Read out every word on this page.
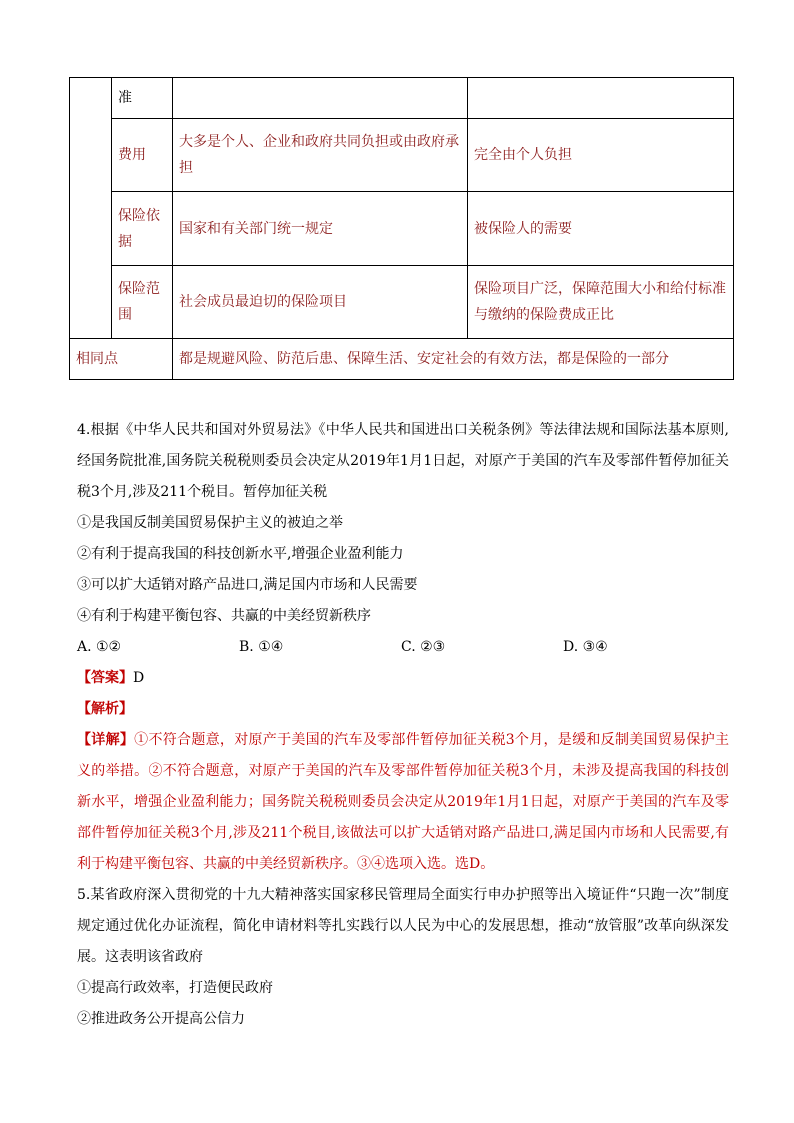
	准		
	费用	大多是个人、企业和政府共同负担或由政府承担	完全由个人负担
	保险依据	国家和有关部门统一规定	被保险人的需要
	保险范围	社会成员最迫切的保险项目	保险项目广泛，保障范围大小和给付标准与缴纳的保险费成正比
相同点		都是规避风险、防范后患、保障生活、安定社会的有效方法，都是保险的一部分	

4.根据《中华人民共和国对外贸易法》《中华人民共和国进出口关税条例》等法律法规和国际法基本原则,经国务院批准,国务院关税税则委员会决定从2019年1月1日起，对原产于美国的汽车及零部件暂停加征关税3个月,涉及211个税目。暂停加征关税

①是我国反制美国贸易保护主义的被迫之举

②有利于提高我国的科技创新水平,增强企业盈利能力

③可以扩大适销对路产品进口,满足国内市场和人民需要

④有利于构建平衡包容、共赢的中美经贸新秩序

A. ①②	B. ①④	C. ②③	D. ③④

【答案】D

【解析】

【详解】①不符合题意，对原产于美国的汽车及零部件暂停加征关税3个月，是缓和反制美国贸易保护主义的举措。②不符合题意，对原产于美国的汽车及零部件暂停加征关税3个月，未涉及提高我国的科技创新水平，增强企业盈利能力；国务院关税税则委员会决定从2019年1月1日起，对原产于美国的汽车及零部件暂停加征关税3个月,涉及211个税目,该做法可以扩大适销对路产品进口,满足国内市场和人民需要,有利于构建平衡包容、共赢的中美经贸新秩序。③④选项入选。选D。

5.某省政府深入贯彻党的十九大精神落实国家移民管理局全面实行申办护照等出入境证件“只跑一次”制度规定通过优化办证流程，简化申请材料等扎实践行以人民为中心的发展思想，推动“放管服”改革向纵深发展。这表明该省政府

①提高行政效率，打造便民政府

②推进政务公开提高公信力
